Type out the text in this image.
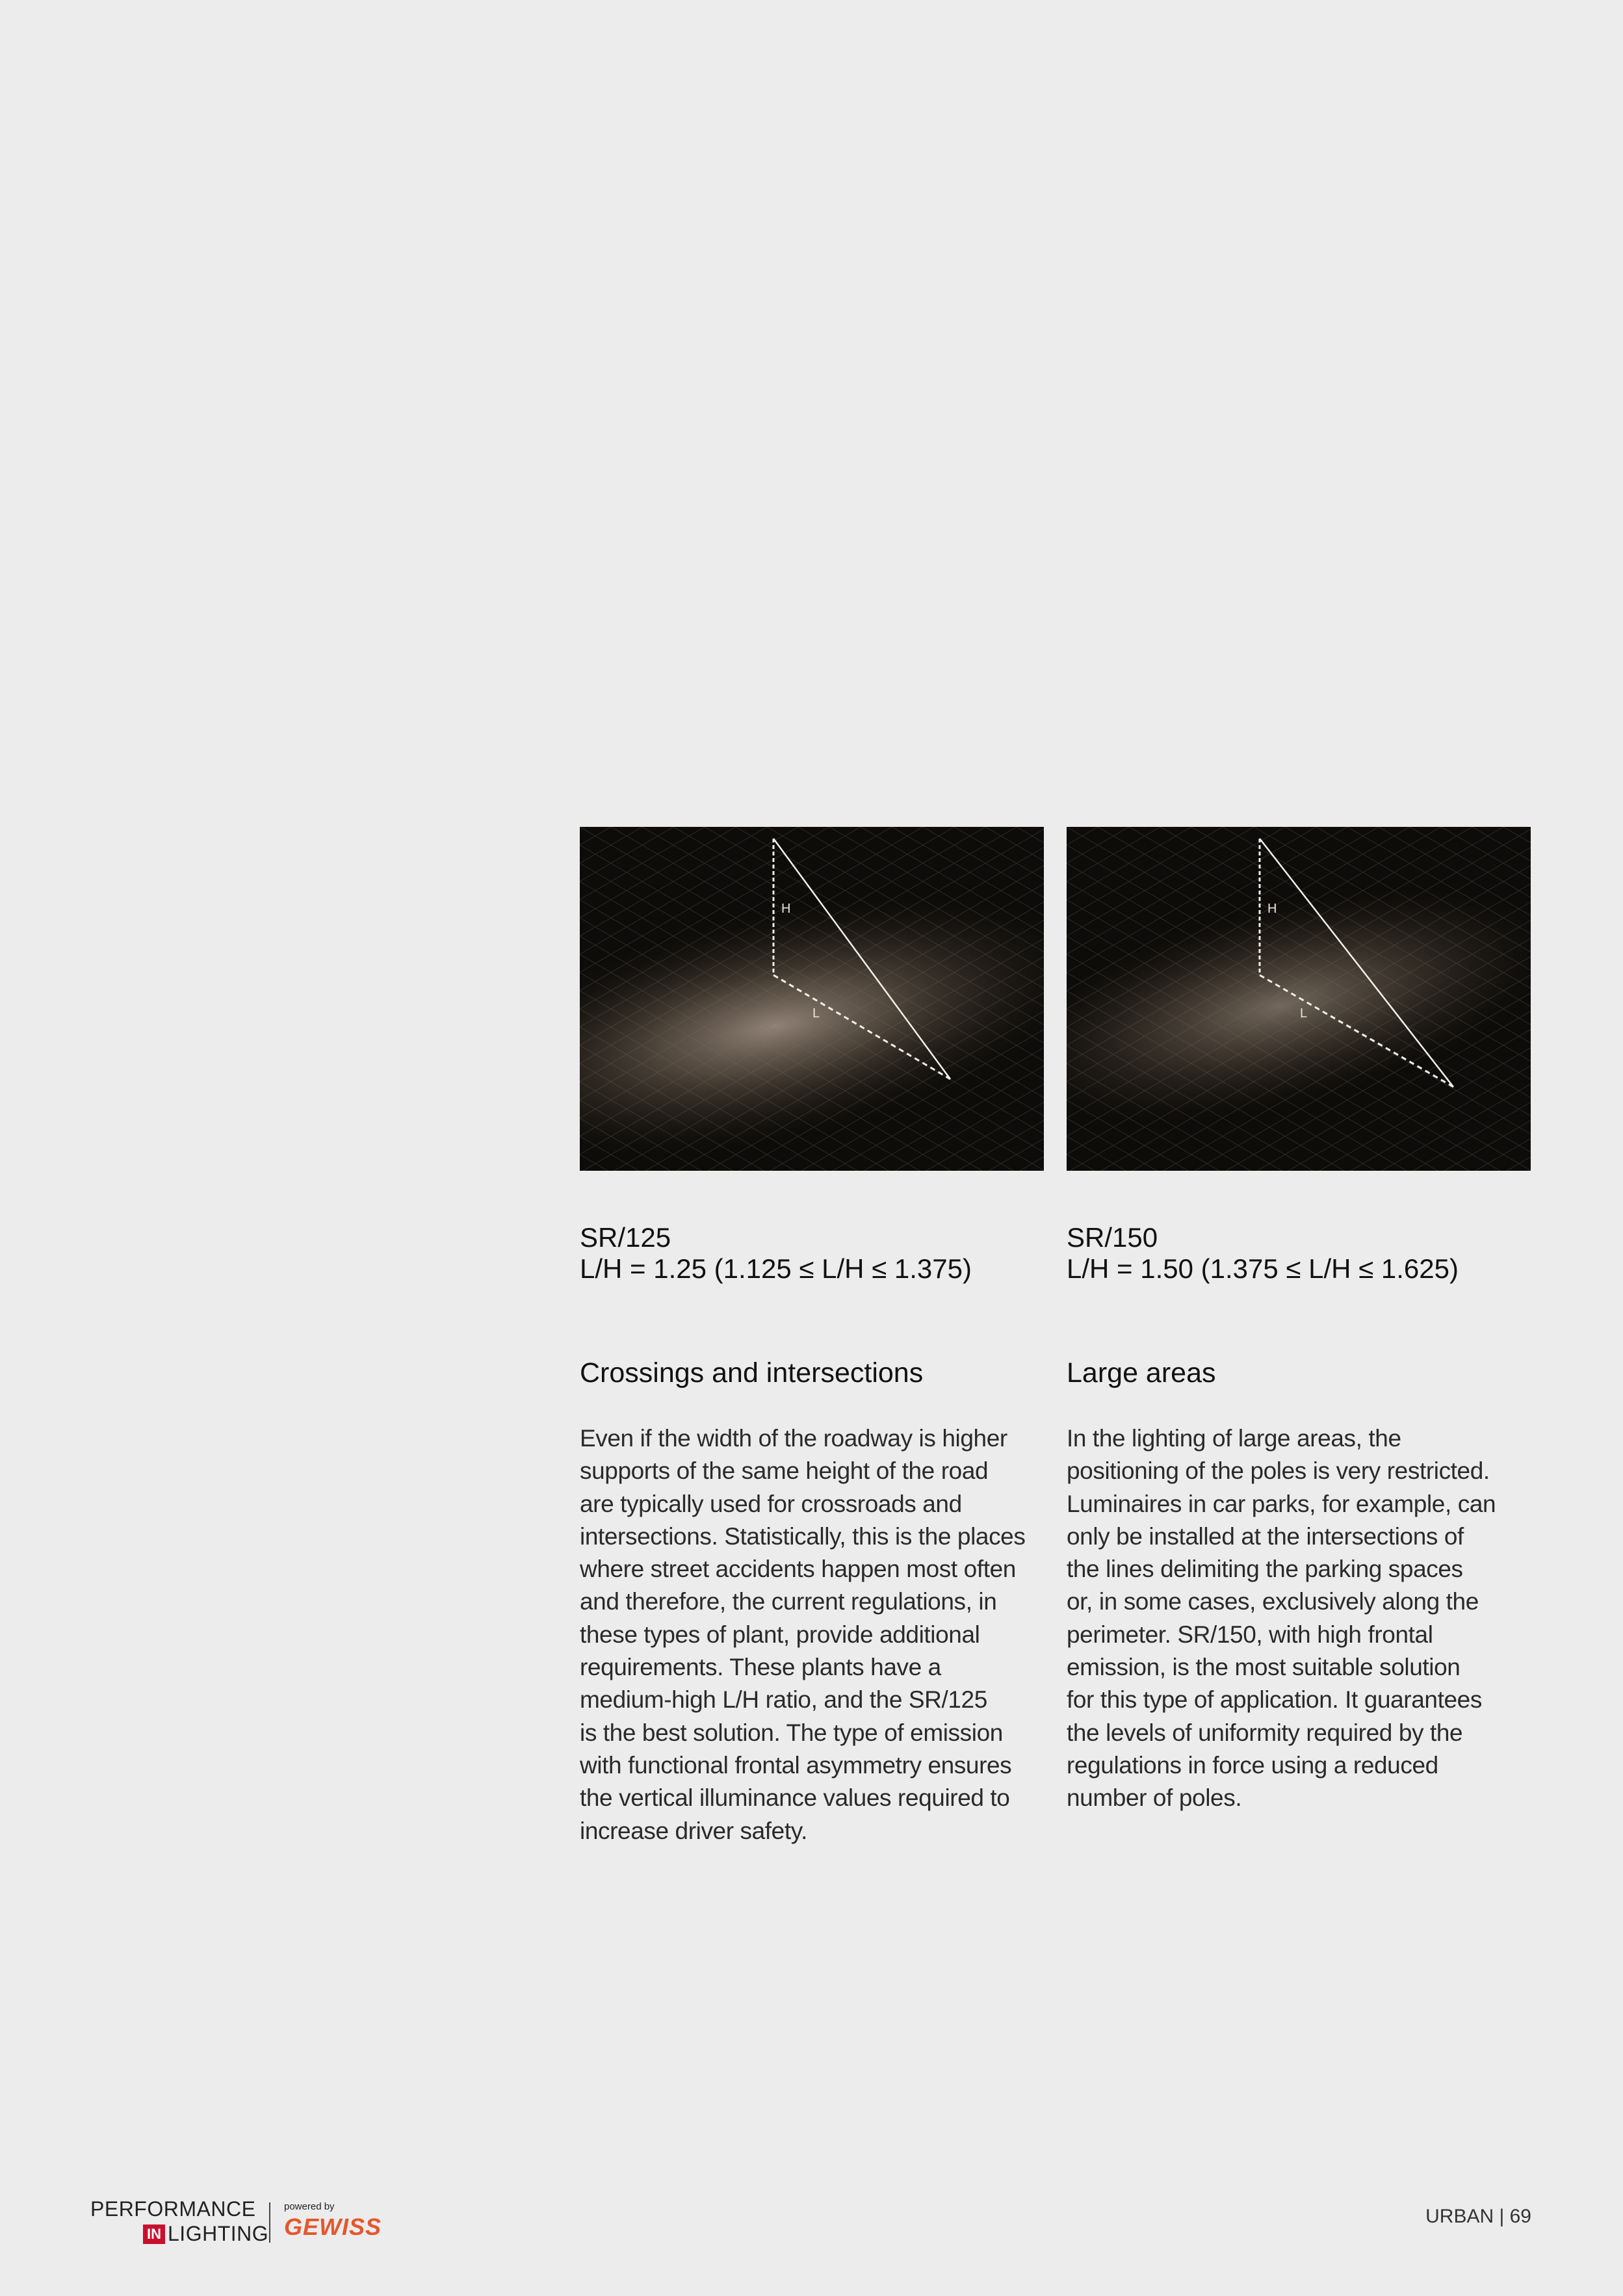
H
L

SR/125

L/H = 1.25 (1.125 ≤ L/H ≤ 1.375)

Crossings and intersections

Even if the width of the roadway is higher
supports of the same height of the road
are typically used for crossroads and
intersections. Statistically, this is the places
where street accidents happen most often
and therefore, the current regulations, in
these types of plant, provide additional
requirements. These plants have a
medium-high L/H ratio, and the SR/125
is the best solution. The type of emission
with functional frontal asymmetry ensures
the vertical illuminance values required to
increase driver safety.

H
L

SR/150

L/H = 1.50 (1.375 ≤ L/H ≤ 1.625)

Large areas

In the lighting of large areas, the
positioning of the poles is very restricted.
Luminaires in car parks, for example, can
only be installed at the intersections of
the lines delimiting the parking spaces
or, in some cases, exclusively along the
perimeter. SR/150, with high frontal
emission, is the most suitable solution
for this type of application. It guarantees
the levels of uniformity required by the
regulations in force using a reduced
number of poles.

PERFORMANCE
IN LIGHTING
powered by
GEWISS	URBAN | 69
